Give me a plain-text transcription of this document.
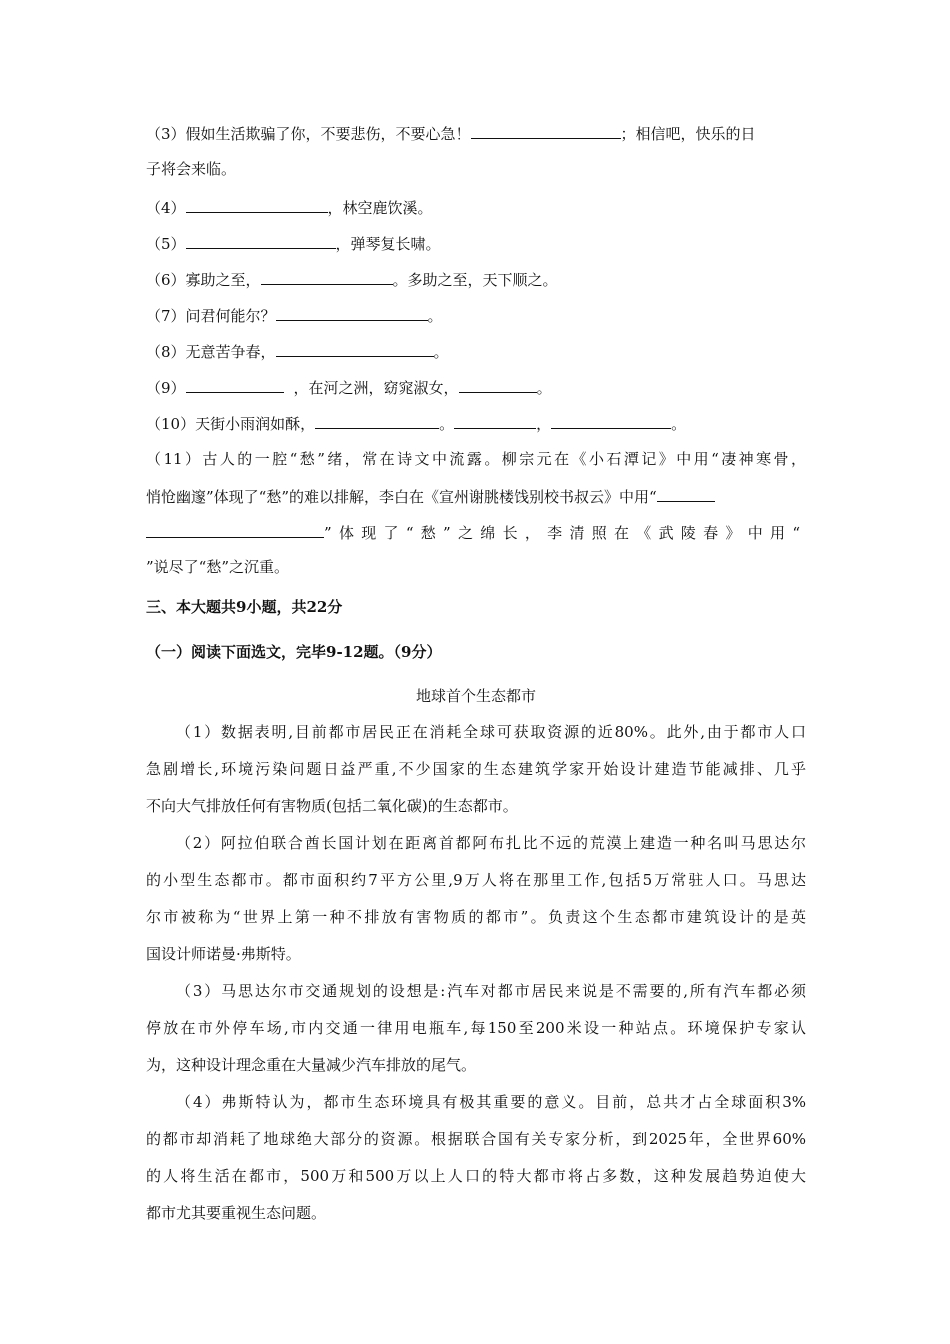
（3）假如生活欺骗了你，不要悲伤，不要心急！	；相信吧，快乐的日
子将会来临。
（4）	，林空鹿饮溪。
（5）	，弹琴复长啸。
（6）寡助之至，	。多助之至，天下顺之。
（7）问君何能尔？	。
（8）无意苦争春，	。
（9）	，在河之洲，窈窕淑女，	。
（10）天街小雨润如酥，	。	，	。
（11）古人的一腔“愁”绪，常在诗文中流露。柳宗元在《小石潭记》中用“凄神寒骨，
悄怆幽邃”体现了“愁”的难以排解，李白在《宣州谢朓楼饯别校书叔云》中用“
”体现了“愁”之绵长，李清照在《武陵春》中用“
”说尽了“愁”之沉重。
三、本大题共9小题，共22分
（一）阅读下面选文，完毕9-12题。（9分）
地球首个生态都市
（1）数据表明,目前都市居民正在消耗全球可获取资源的近80%。此外,由于都市人口
急剧增长,环境污染问题日益严重,不少国家的生态建筑学家开始设计建造节能减排、几乎
不向大气排放任何有害物质(包括二氧化碳)的生态都市。
（2）阿拉伯联合酋长国计划在距离首都阿布扎比不远的荒漠上建造一种名叫马思达尔
的小型生态都市。都市面积约7平方公里,9万人将在那里工作,包括5万常驻人口。马思达
尔市被称为“世界上第一种不排放有害物质的都市”。负责这个生态都市建筑设计的是英
国设计师诺曼·弗斯特。
（3）马思达尔市交通规划的设想是:汽车对都市居民来说是不需要的,所有汽车都必须
停放在市外停车场,市内交通一律用电瓶车,每150至200米设一种站点。环境保护专家认
为，这种设计理念重在大量减少汽车排放的尾气。
（4）弗斯特认为，都市生态环境具有极其重要的意义。目前，总共才占全球面积3%
的都市却消耗了地球绝大部分的资源。根据联合国有关专家分析，到2025年，全世界60%
的人将生活在都市，500万和500万以上人口的特大都市将占多数，这种发展趋势迫使大
都市尤其要重视生态问题。
